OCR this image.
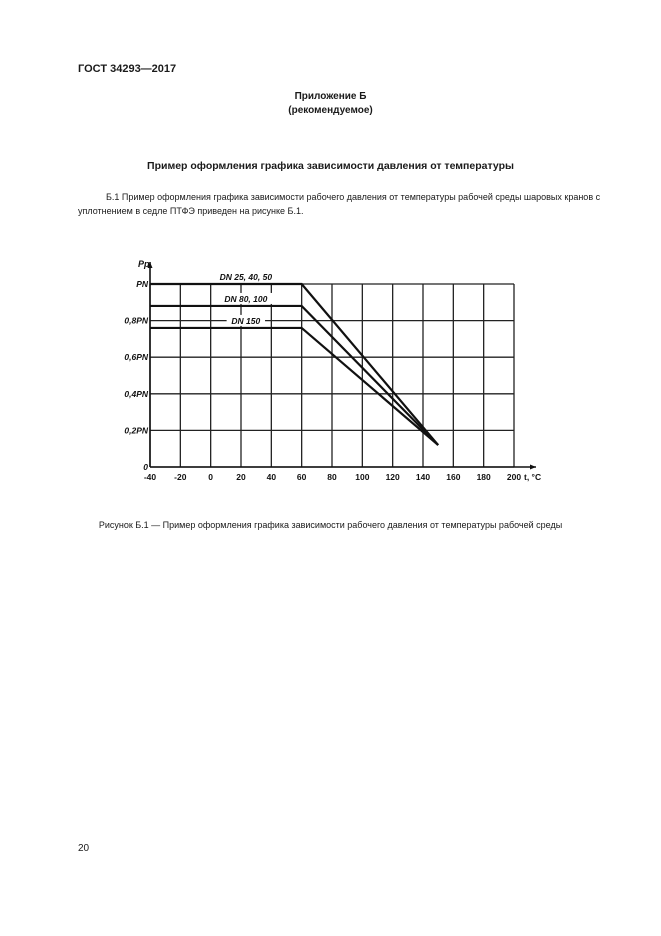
ГОСТ 34293—2017
Приложение Б
(рекомендуемое)
Пример оформления графика зависимости давления от температуры
Б.1 Пример оформления графика зависимости рабочего давления от температуры рабочей среды шаровых кранов с уплотнением в седле ПТФЭ приведен на рисунке Б.1.
-40 -20	0	20 40 60 80 100 120 140 160 180 200
0
0,2PN
0,4PN
0,6PN
0,8PN
PN
t, °C
Pр
DN 25, 40, 50
DN 80, 100
DN 150
Рисунок Б.1 — Пример оформления графика зависимости рабочего давления от температуры рабочей среды
20
